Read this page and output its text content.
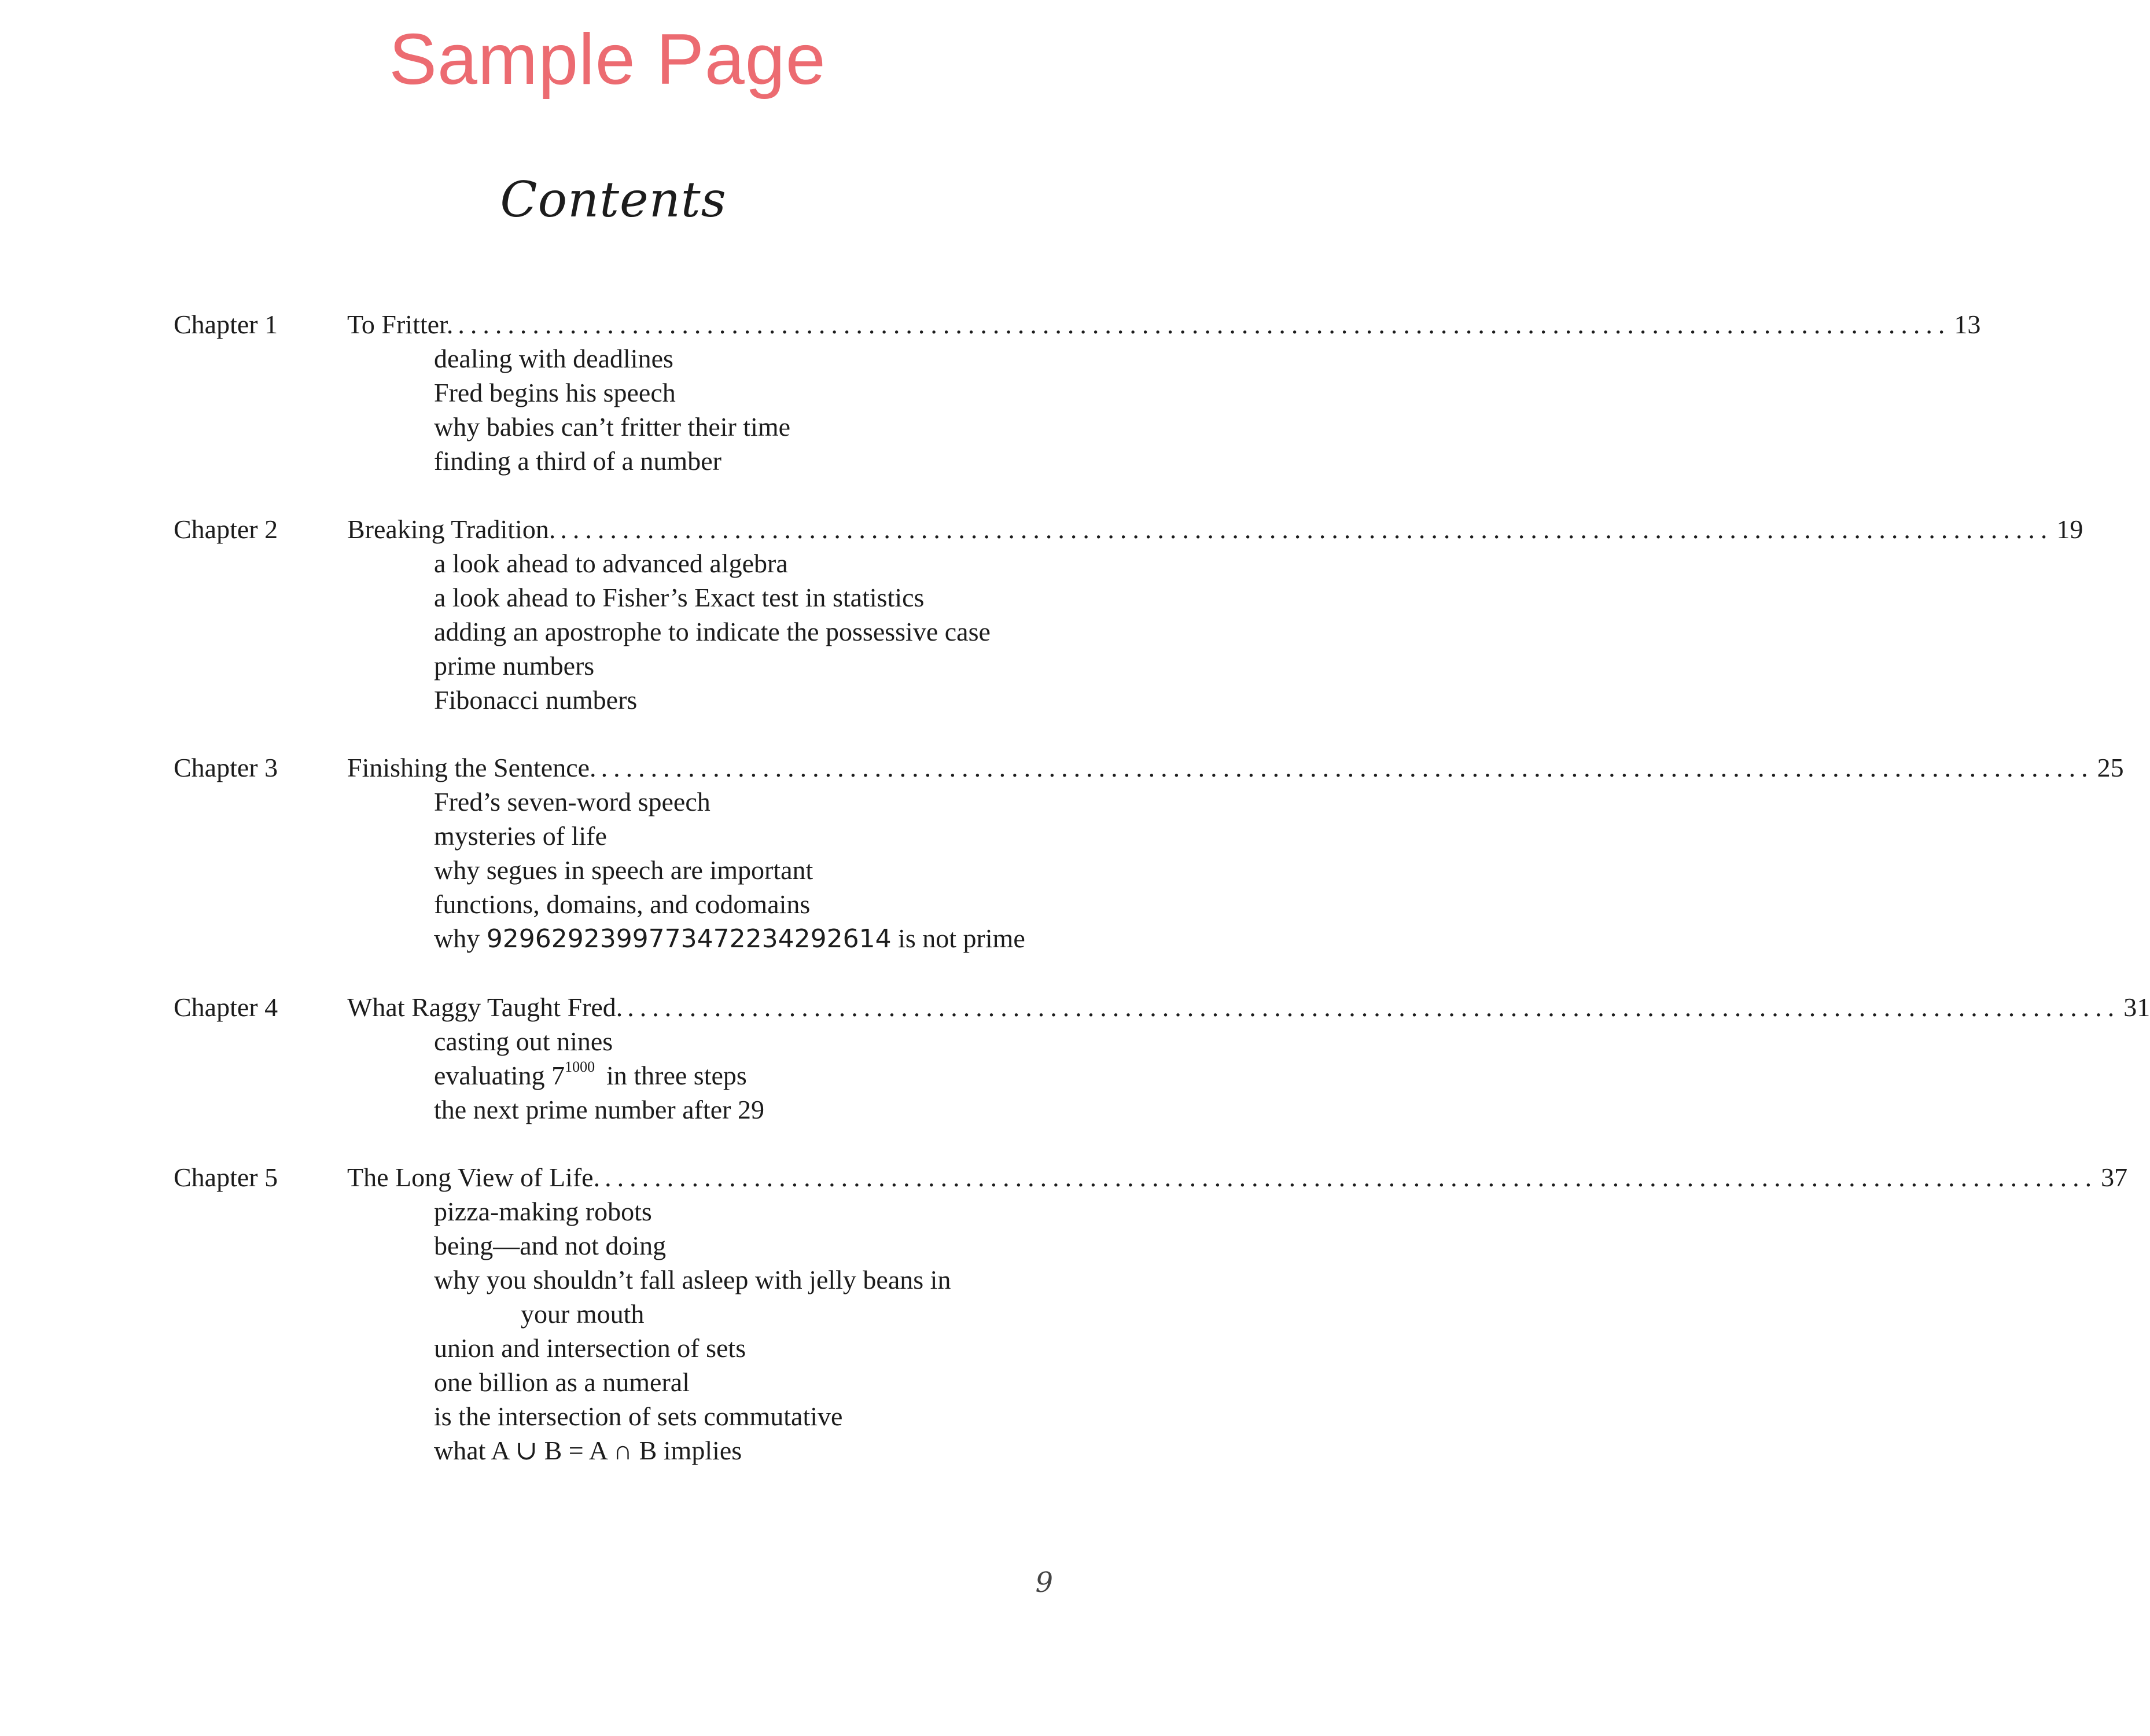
Sample Page
Contents
Chapter 1	To Fritter. ........................................................................................................................ 13
dealing with deadlines
Fred begins his speech
why babies can’t fritter their time
finding a third of a number
Chapter 2	Breaking Tradition. ........................................................................................................................ 19
a look ahead to advanced algebra
a look ahead to Fisher’s Exact test in statistics
adding an apostrophe to indicate the possessive case
prime numbers
Fibonacci numbers
Chapter 3	Finishing the Sentence. ........................................................................................................................ 25
Fred’s seven-word speech
mysteries of life
why segues in speech are important
functions, domains, and codomains
why 9296292399773472234292614 is not prime
Chapter 4	What Raggy Taught Fred. ........................................................................................................................ 31
casting out nines
evaluating $7^{1000}$ in three steps
the next prime number after 29
Chapter 5	The Long View of Life. ........................................................................................................................ 37
pizza-making robots
being—and not doing
why you shouldn’t fall asleep with jelly beans in
your mouth
union and intersection of sets
one billion as a numeral
is the intersection of sets commutative
what A ∪ B = A ∩ B implies
9
